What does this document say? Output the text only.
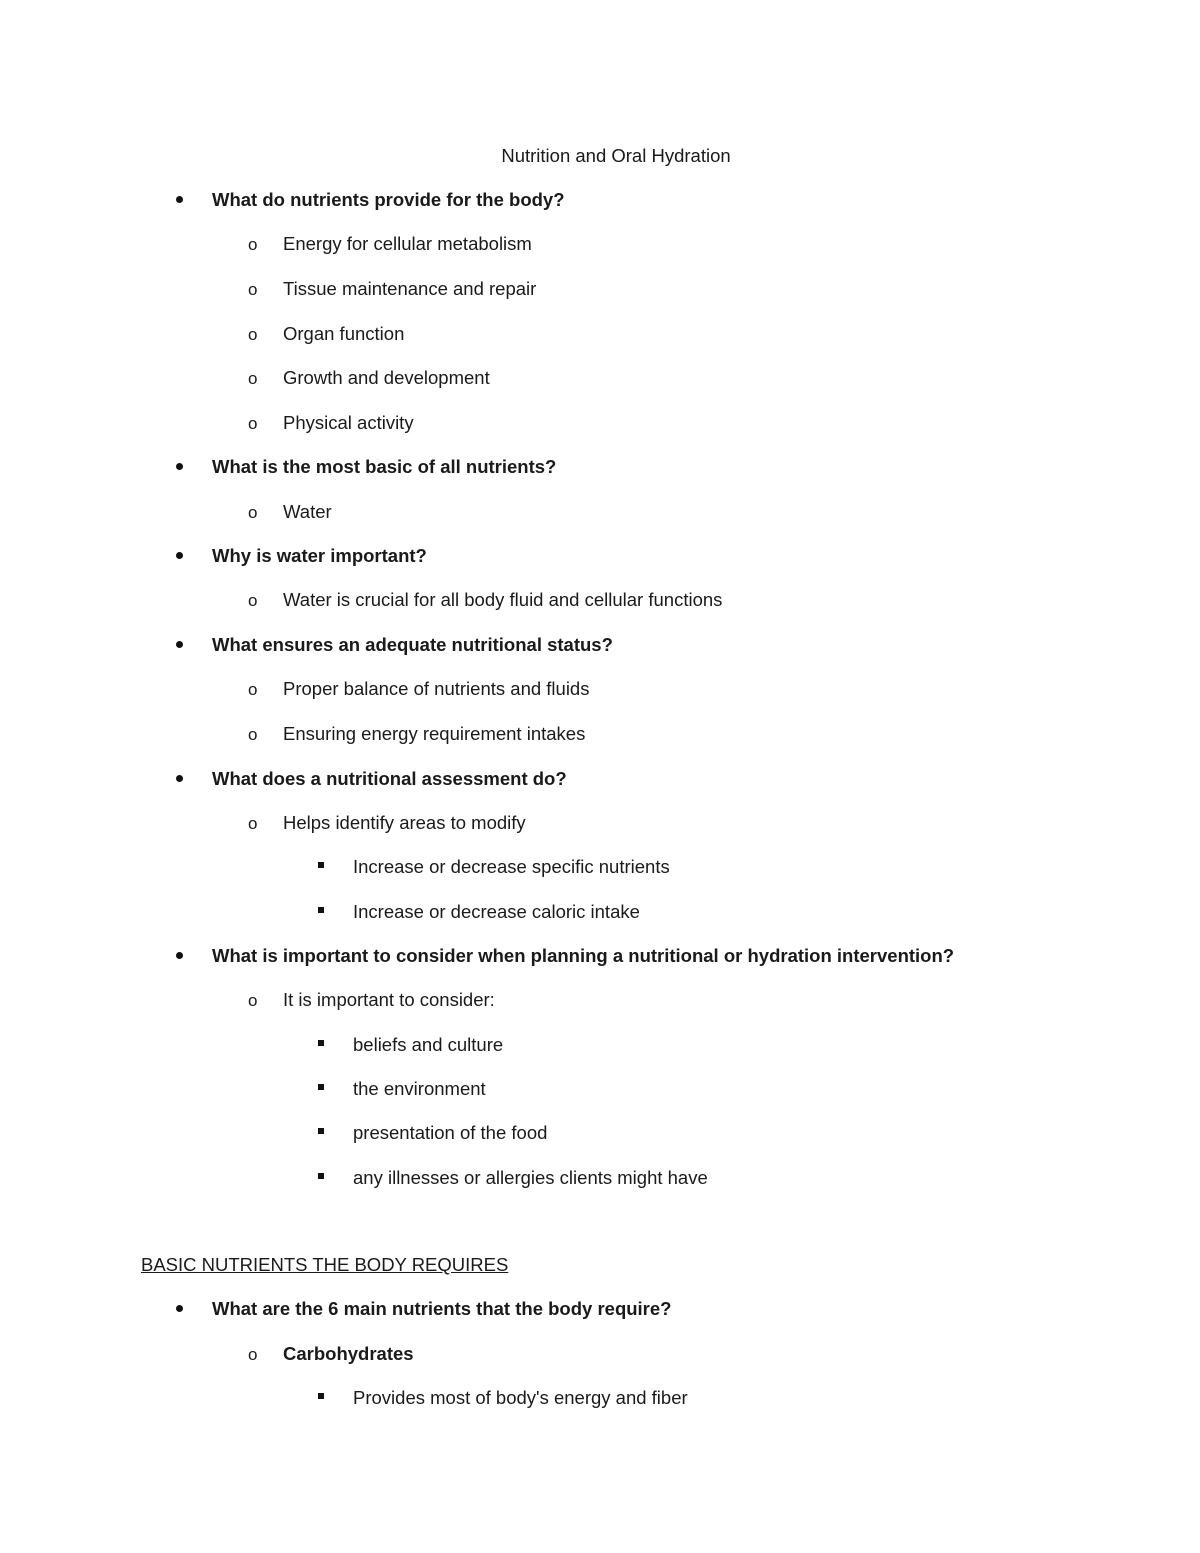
Nutrition and Oral Hydration
What do nutrients provide for the body?
o Energy for cellular metabolism
o Tissue maintenance and repair
o Organ function
o Growth and development
o Physical activity
What is the most basic of all nutrients?
o Water
Why is water important?
o Water is crucial for all body fluid and cellular functions
What ensures an adequate nutritional status?
o Proper balance of nutrients and fluids
o Ensuring energy requirement intakes
What does a nutritional assessment do?
o Helps identify areas to modify
Increase or decrease specific nutrients
Increase or decrease caloric intake
What is important to consider when planning a nutritional or hydration intervention?
o It is important to consider:
beliefs and culture
the environment
presentation of the food
any illnesses or allergies clients might have
BASIC NUTRIENTS THE BODY REQUIRES
What are the 6 main nutrients that the body require?
o Carbohydrates
Provides most of body's energy and fiber
